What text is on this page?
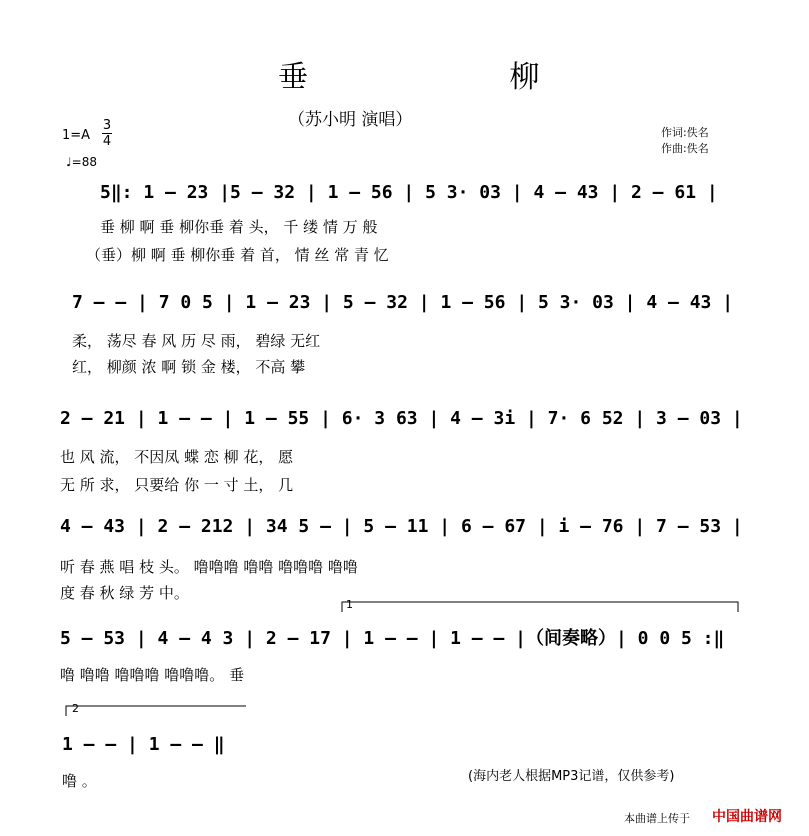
垂 柳
（苏小明 演唱）
1=A
3
4
♩=88
作词:佚名
作曲:佚名
5‖: 1 – 23 |5 – 32 | 1 – 56 | 5 3· 03 | 4 – 43 | 2 – 61 |
垂 柳 啊 垂 柳你垂 着 头， 千 缕 情 万 般
（垂）柳 啊 垂 柳你垂 着 首， 情 丝 常 青 忆
7 – – | 7 0 5 | 1 – 23 | 5 – 32 | 1 – 56 | 5 3· 03 | 4 – 43 |
柔， 荡尽 春 风 历 尽 雨， 碧绿 无红
红， 柳颜 浓 啊 锁 金 楼， 不高 攀
2 – 21 | 1 – – | 1 – 55 | 6· 3 63 | 4 – 3i | 7· 6 52 | 3 – 03 |
也 风 流， 不因凤 蝶 恋 柳 花， 愿
无 所 求， 只要给 你 一 寸 土， 几
4 – 43 | 2 – 212 | 34 5 – | 5 – 11 | 6 – 67 | i – 76 | 7 – 53 |
听 春 燕 唱 枝 头。 噜噜噜 噜噜 噜噜噜 噜噜
度 春 秋 绿 芳 中。
1
5 – 53 | 4 – 4 3 | 2 – 17 | 1 – – | 1 – – |（间奏略）| 0 0 5 :‖
噜 噜噜 噜噜噜 噜噜噜。 垂
2
1 – – | 1 – – ‖
噜 。	(海内老人根据MP3记谱，仅供参考)
本曲谱上传于 中国曲谱网
